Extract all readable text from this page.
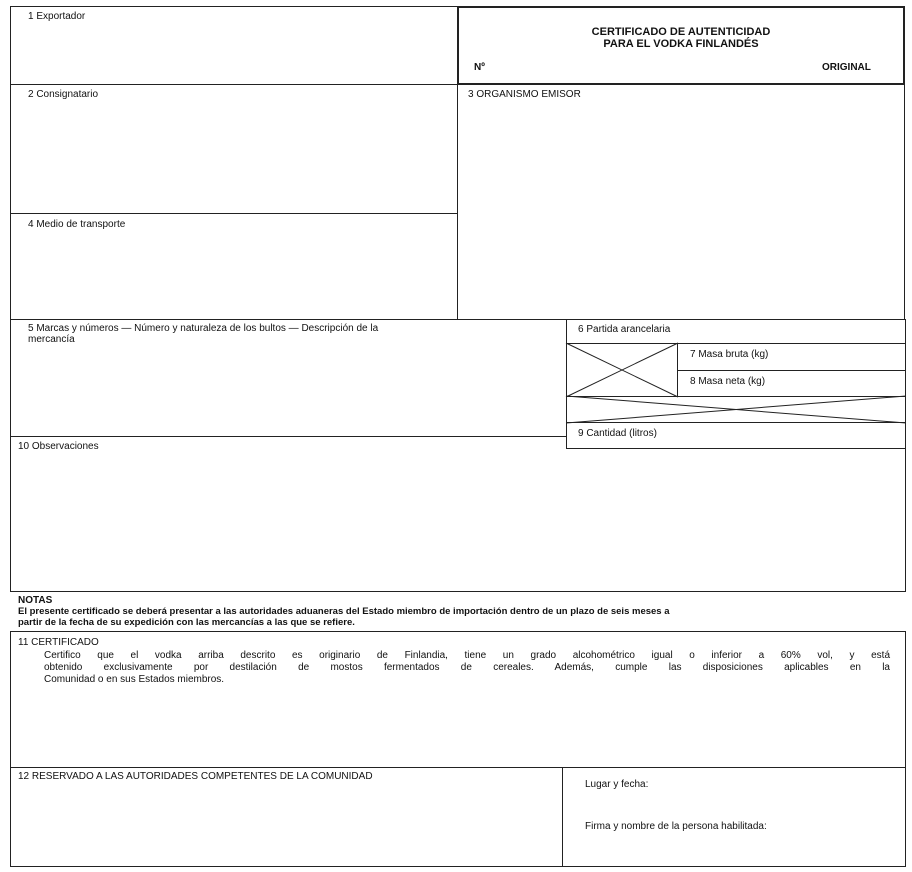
1 Exportador
CERTIFICADO DE AUTENTICIDAD
PARA EL VODKA FINLANDÉS
Nº	ORIGINAL
2 Consignatario	3 ORGANISMO EMISOR
4 Medio de transporte
5 Marcas y números — Número y naturaleza de los bultos — Descripción de la
mercancía
6 Partida arancelaria
7 Masa bruta (kg)
8 Masa neta (kg)
9 Cantidad (litros)
10 Observaciones
NOTAS
El presente certificado se deberá presentar a las autoridades aduaneras del Estado miembro de importación dentro de un plazo de seis meses a
partir de la fecha de su expedición con las mercancías a las que se refiere.
11 CERTIFICADO
Certifico que el vodka arriba descrito es originario de Finlandia, tiene un grado alcohométrico igual o inferior a 60% vol, y está
obtenido exclusivamente por destilación de mostos fermentados de cereales. Además, cumple las disposiciones aplicables en la
Comunidad o en sus Estados miembros.
12 RESERVADO A LAS AUTORIDADES COMPETENTES DE LA COMUNIDAD
Lugar y fecha:
Firma y nombre de la persona habilitada:
